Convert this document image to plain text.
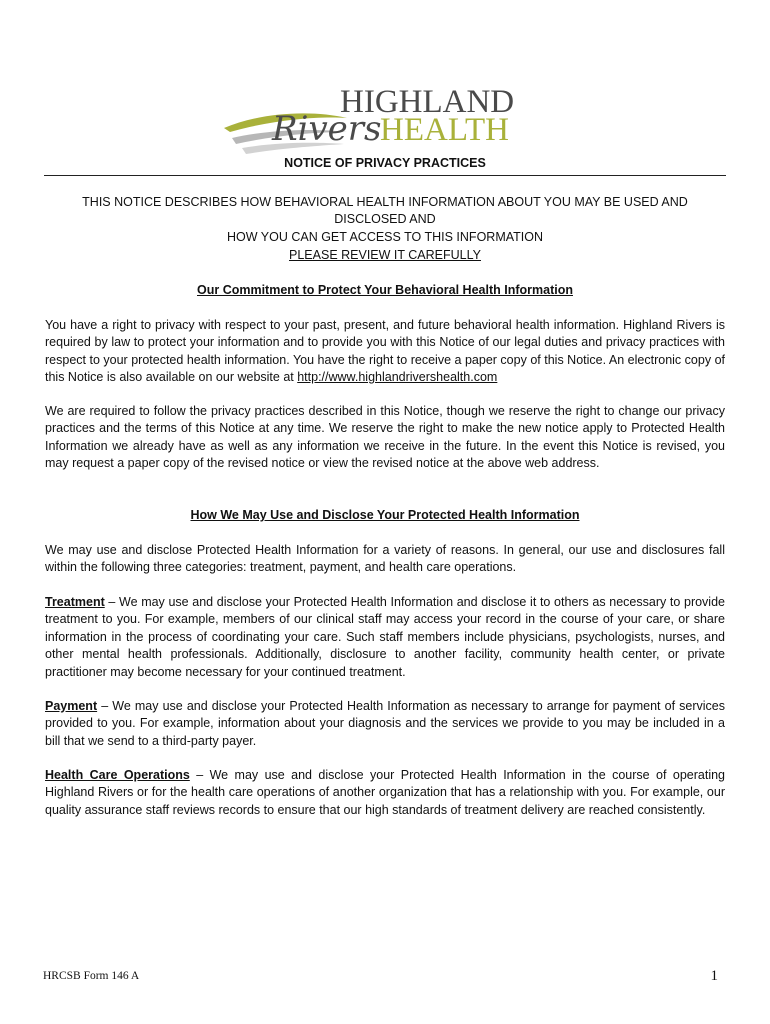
HIGHLAND
Rivers
HEALTH
NOTICE OF PRIVACY PRACTICES
THIS NOTICE DESCRIBES HOW BEHAVIORAL HEALTH INFORMATION ABOUT YOU MAY BE USED AND DISCLOSED AND
HOW YOU CAN GET ACCESS TO THIS INFORMATION
PLEASE REVIEW IT CAREFULLY
Our Commitment to Protect Your Behavioral Health Information
You have a right to privacy with respect to your past, present, and future behavioral health information. Highland Rivers is required by law to protect your information and to provide you with this Notice of our legal duties and privacy practices with respect to your protected health information. You have the right to receive a paper copy of this Notice. An electronic copy of this Notice is also available on our website at http://www.highlandrivershealth.com
We are required to follow the privacy practices described in this Notice, though we reserve the right to change our privacy practices and the terms of this Notice at any time. We reserve the right to make the new notice apply to Protected Health Information we already have as well as any information we receive in the future. In the event this Notice is revised, you may request a paper copy of the revised notice or view the revised notice at the above web address.
How We May Use and Disclose Your Protected Health Information
We may use and disclose Protected Health Information for a variety of reasons. In general, our use and disclosures fall within the following three categories: treatment, payment, and health care operations.
Treatment – We may use and disclose your Protected Health Information and disclose it to others as necessary to provide treatment to you. For example, members of our clinical staff may access your record in the course of your care, or share information in the process of coordinating your care. Such staff members include physicians, psychologists, nurses, and other mental health professionals. Additionally, disclosure to another facility, community health center, or private practitioner may become necessary for your continued treatment.
Payment – We may use and disclose your Protected Health Information as necessary to arrange for payment of services provided to you. For example, information about your diagnosis and the services we provide to you may be included in a bill that we send to a third-party payer.
Health Care Operations – We may use and disclose your Protected Health Information in the course of operating Highland Rivers or for the health care operations of another organization that has a relationship with you. For example, our quality assurance staff reviews records to ensure that our high standards of treatment delivery are reached consistently.
HRCSB Form 146 A	1
